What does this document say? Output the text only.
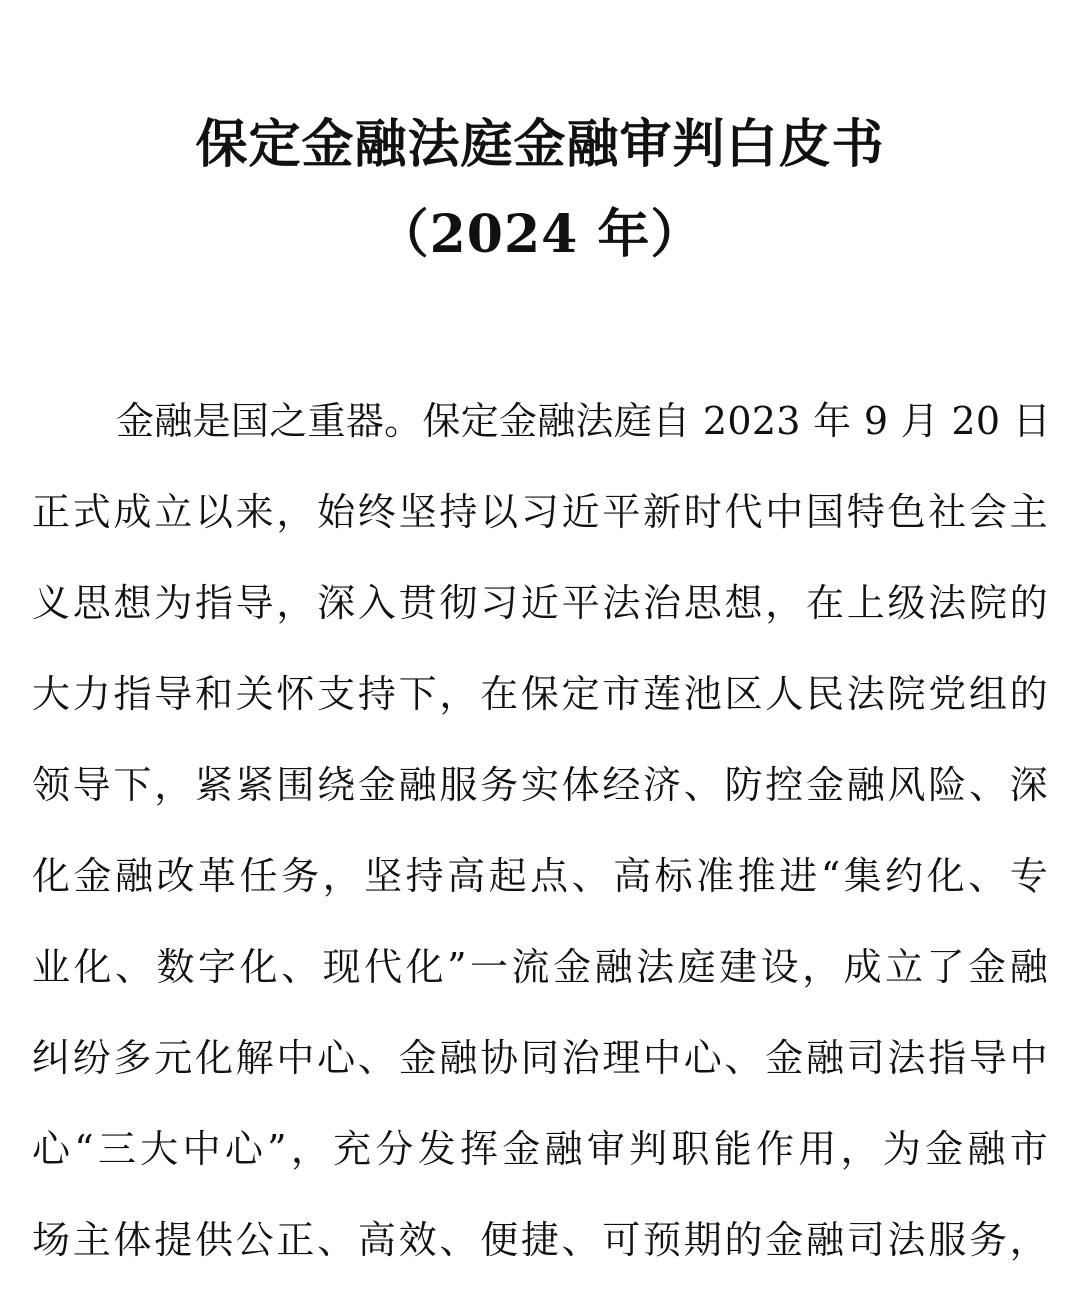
保定金融法庭金融审判白皮书
（2024 年）
金融是国之重器。保定金融法庭自 2023 年 9 月 20 日
正式成立以来，始终坚持以习近平新时代中国特色社会主
义思想为指导，深入贯彻习近平法治思想，在上级法院的
大力指导和关怀支持下，在保定市莲池区人民法院党组的
领导下，紧紧围绕金融服务实体经济、防控金融风险、深
化金融改革任务，坚持高起点、高标准推进“集约化、专
业化、数字化、现代化”一流金融法庭建设，成立了金融
纠纷多元化解中心、金融协同治理中心、金融司法指导中
心“三大中心”，充分发挥金融审判职能作用，为金融市
场主体提供公正、高效、便捷、可预期的金融司法服务，
